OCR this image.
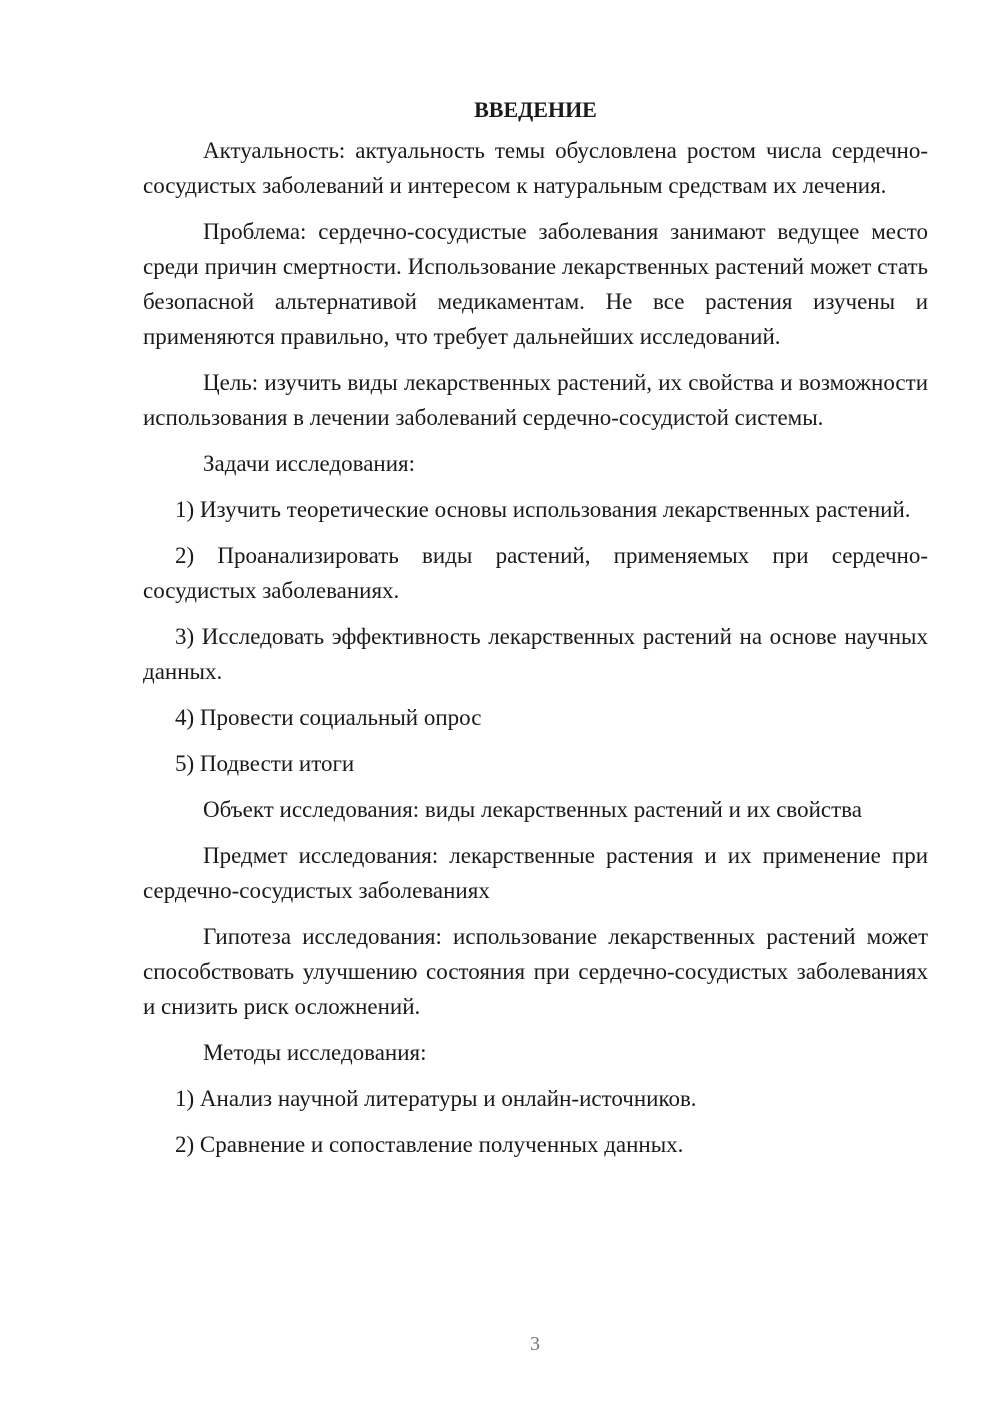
ВВЕДЕНИЕ

Актуальность: актуальность темы обусловлена ростом числа сердечно-сосудистых заболеваний и интересом к натуральным средствам их лечения.

Проблема: сердечно-сосудистые заболевания занимают ведущее место среди причин смертности. Использование лекарственных растений может стать безопасной альтернативой медикаментам. Не все растения изучены и применяются правильно, что требует дальнейших исследований.

Цель: изучить виды лекарственных растений, их свойства и возможности использования в лечении заболеваний сердечно-сосудистой системы.

Задачи исследования:

1) Изучить теоретические основы использования лекарственных растений.

2) Проанализировать виды растений, применяемых при сердечно-сосудистых заболеваниях.

3) Исследовать эффективность лекарственных растений на основе научных данных.

4) Провести социальный опрос

5) Подвести итоги

Объект исследования: виды лекарственных растений и их свойства

Предмет исследования: лекарственные растения и их применение при сердечно-сосудистых заболеваниях

Гипотеза исследования: использование лекарственных растений может способствовать улучшению состояния при сердечно-сосудистых заболеваниях и снизить риск осложнений.

Методы исследования:

1) Анализ научной литературы и онлайн-источников.

2) Сравнение и сопоставление полученных данных.

3
